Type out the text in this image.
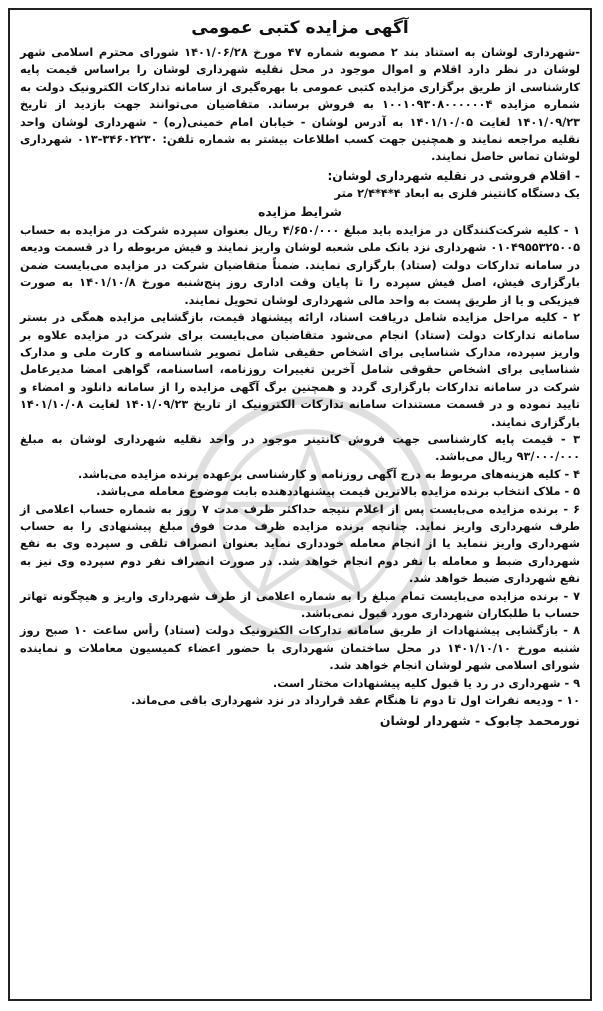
آگهی مزایده کتبی عمومی

-شهرداری لوشان به استناد بند ۲ مصوبه شماره ۴۷ مورخ ۱۴۰۱/۰۶/۲۸ شورای محترم اسلامی شهر لوشان در نظر دارد اقلام و اموال موجود در محل نقلیه شهرداری لوشان را براساس قیمت پایه کارشناسی از طریق برگزاری مزایده کتبی عمومی با بهره‌گیری از سامانه تدارکات الکترونیک دولت به شماره مزایده ۱۰۰۱۰۹۳۰۸۰۰۰۰۰۰۴ به فروش برساند. متقاضیان می‌توانند جهت بازدید از تاریخ ۱۴۰۱/۰۹/۲۳ لغایت ۱۴۰۱/۱۰/۰۵ به آدرس لوشان - خیابان امام خمینی(ره) - شهرداری لوشان واحد نقلیه مراجعه نمایند و همچنین جهت کسب اطلاعات بیشتر به شماره تلفن: ۳۴۶۰۲۲۳۰-۰۱۳ شهرداری لوشان تماس حاصل نمایند.

- اقلام فروشی در نقلیه شهرداری لوشان:

یک دستگاه کانتینر فلزی به ابعاد ۴*۴*۲/۴ متر

شرایط مزایده

۱ - کلیه شرکت‌کنندگان در مزایده باید مبلغ ۴/۶۵۰/۰۰۰ ریال بعنوان سپرده شرکت در مزایده به حساب ۰۱۰۴۹۵۵۳۲۵۰۰۵ شهرداری نزد بانک ملی شعبه لوشان واریز نمایند و فیش مربوطه را در قسمت ودیعه در سامانه تدارکات دولت (ستاد) بارگزاری نمایند. ضمناً متقاضیان شرکت در مزایده می‌بایست ضمن بارگزاری فیش، اصل فیش سپرده را تا پایان وقت اداری روز پنج‌شنبه مورخ ۱۴۰۱/۱۰/۸ به صورت فیزیکی و یا از طریق پست به واحد مالی شهرداری لوشان تحویل نمایند.

۲ - کلیه مراحل مزایده شامل دریافت اسناد، ارائه پیشنهاد قیمت، بازگشایی مزایده همگی در بستر سامانه تدارکات دولت (ستاد) انجام می‌شود متقاضیان می‌بایست برای شرکت در مزایده علاوه بر واریز سپرده، مدارک شناسایی برای اشخاص حقیقی شامل تصویر شناسنامه و کارت ملی و مدارک شناسایی برای اشخاص حقوقی شامل آخرین تغییرات روزنامه، اساسنامه، گواهی امضا مدیرعامل شرکت در سامانه تدارکات بارگزاری گردد و همچنین برگ آگهی مزایده را از سامانه دانلود و امضاء و تایید نموده و در قسمت مستندات سامانه تدارکات الکترونیک از تاریخ ۱۴۰۱/۰۹/۲۳ لغایت ۱۴۰۱/۱۰/۰۸ بارگزاری نمایند.

۳ - قیمت پایه کارشناسی جهت فروش کانتینر موجود در واحد نقلیه شهرداری لوشان به مبلغ ۹۳/۰۰۰/۰۰۰ ریال می‌باشد.

۴ - کلیه هزینه‌های مربوط به درج آگهی روزنامه و کارشناسی برعهده برنده مزایده می‌باشد.

۵ - ملاک انتخاب برنده مزایده بالاترین قیمت پیشنهاددهنده بابت موضوع معامله می‌باشد.

۶ - برنده مزایده می‌بایست پس از اعلام نتیجه حداکثر ظرف مدت ۷ روز به شماره حساب اعلامی از طرف شهرداری واریز نماید. چنانچه برنده مزایده ظرف مدت فوق مبلغ پیشنهادی را به حساب شهرداری واریز ننماید یا از انجام معامله خودداری نماید بعنوان انصراف تلقی و سپرده وی به نفع شهرداری ضبط و معامله با نفر دوم انجام خواهد شد. در صورت انصراف نفر دوم سپرده وی نیز به نفع شهرداری ضبط خواهد شد.

۷ - برنده مزایده می‌بایست تمام مبلغ را به شماره اعلامی از طرف شهرداری واریز و هیچگونه تهاتر حساب با طلبکاران شهرداری مورد قبول نمی‌باشد.

۸ - بازگشایی پیشنهادات از طریق سامانه تدارکات الکترونیک دولت (ستاد) رأس ساعت ۱۰ صبح روز شنبه مورخ ۱۴۰۱/۱۰/۱۰ در محل ساختمان شهرداری با حضور اعضاء کمیسیون معاملات و نماینده شورای اسلامی شهر لوشان انجام خواهد شد.

۹ - شهرداری در رد یا قبول کلیه پیشنهادات مختار است.

۱۰ - ودیعه نفرات اول تا دوم تا هنگام عقد قرارداد در نزد شهرداری باقی می‌ماند.

نورمحمد چابوک - شهردار لوشان
